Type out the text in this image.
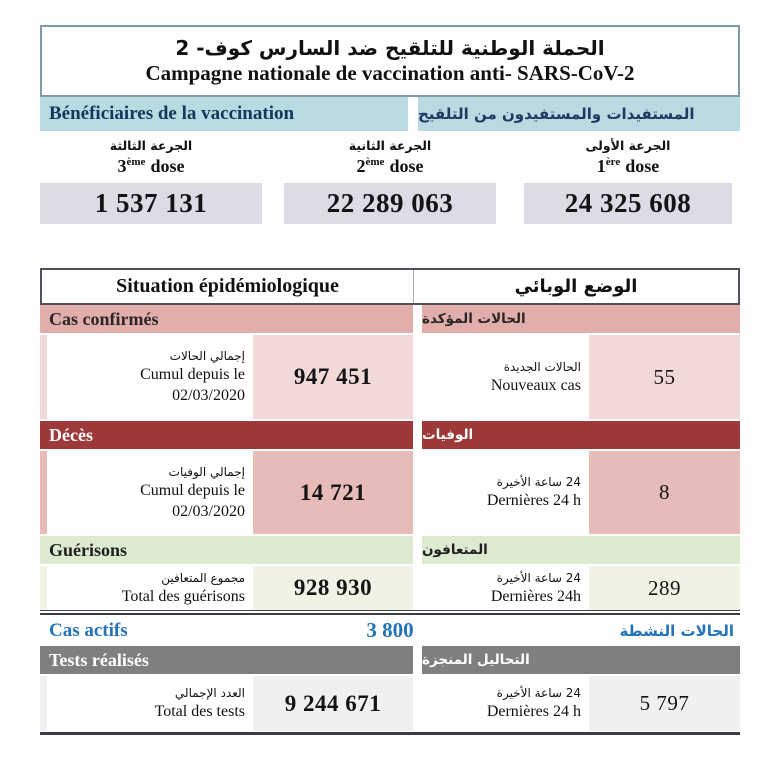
الحملة الوطنية للتلقيح ضد السارس كوف- 2
Campagne nationale de vaccination anti- SARS-CoV-2
Bénéficiaires de la vaccination	المستفيدات والمستفيدون من التلقيح
الجرعة الثالثة
3ème dose
الجرعة الثانية
2ème dose
الجرعة الأولى
1ère dose
1 537 131	22 289 063	24 325 608
Situation épidémiologique	الوضع الوبائي
Cas confirmés	الحالات المؤكدة
إجمالي الحالات
Cumul depuis le
02/03/2020
947 451	الحالات الجديدة
Nouveaux cas	55
Décès	الوفيات
إجمالي الوفيات
Cumul depuis le
02/03/2020
14 721	24 ساعة الأخيرة
Dernières 24 h	8
Guérisons	المتعافون
مجموع المتعافين
Total des guérisons	928 930	24 ساعة الأخيرة
Dernières 24h	289
Cas actifs	3 800	الحالات النشطة
Tests réalisés	التحاليل المنجزة
العدد الإجمالي
Total des tests	9 244 671	24 ساعة الأخيرة
Dernières 24 h	5 797
